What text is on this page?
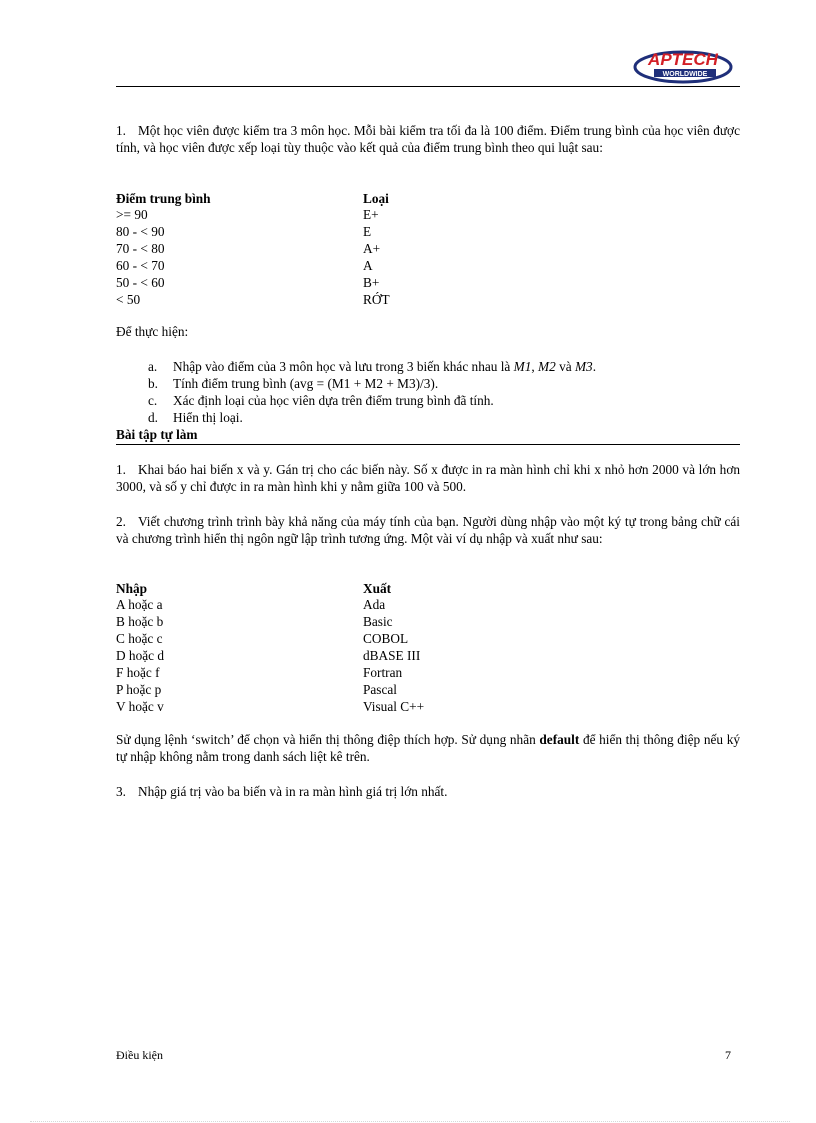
APTECH
WORLDWIDE
1. Một học viên được kiểm tra 3 môn học. Mỗi bài kiểm tra tối đa là 100 điểm. Điểm trung bình của học viên được tính, và học viên được xếp loại tùy thuộc vào kết quả của điểm trung bình theo qui luật sau:
Điểm trung bình	Loại
>= 90	E+
80 - < 90	E
70 - < 80	A+
60 - < 70	A
50 - < 60	B+
< 50	RỚT
Để thực hiện:
a. Nhập vào điểm của 3 môn học và lưu trong 3 biến khác nhau là M1, M2 và M3.
b. Tính điểm trung bình (avg = (M1 + M2 + M3)/3).
c. Xác định loại của học viên dựa trên điểm trung bình đã tính.
d. Hiển thị loại.
Bài tập tự làm
1. Khai báo hai biến x và y. Gán trị cho các biến này. Số x được in ra màn hình chỉ khi x nhỏ hơn 2000 và lớn hơn 3000, và số y chỉ được in ra màn hình khi y nằm giữa 100 và 500.
2. Viết chương trình trình bày khả năng của máy tính của bạn. Người dùng nhập vào một ký tự trong bảng chữ cái và chương trình hiển thị ngôn ngữ lập trình tương ứng. Một vài ví dụ nhập và xuất như sau:
Nhập	Xuất
A hoặc a	Ada
B hoặc b	Basic
C hoặc c	COBOL
D hoặc d	dBASE III
F hoặc f	Fortran
P hoặc p	Pascal
V hoặc v	Visual C++
Sử dụng lệnh ‘switch’ để chọn và hiển thị thông điệp thích hợp. Sử dụng nhãn default để hiển thị thông điệp nếu ký tự nhập không nằm trong danh sách liệt kê trên.
3. Nhập giá trị vào ba biến và in ra màn hình giá trị lớn nhất.
Điều kiện	7
